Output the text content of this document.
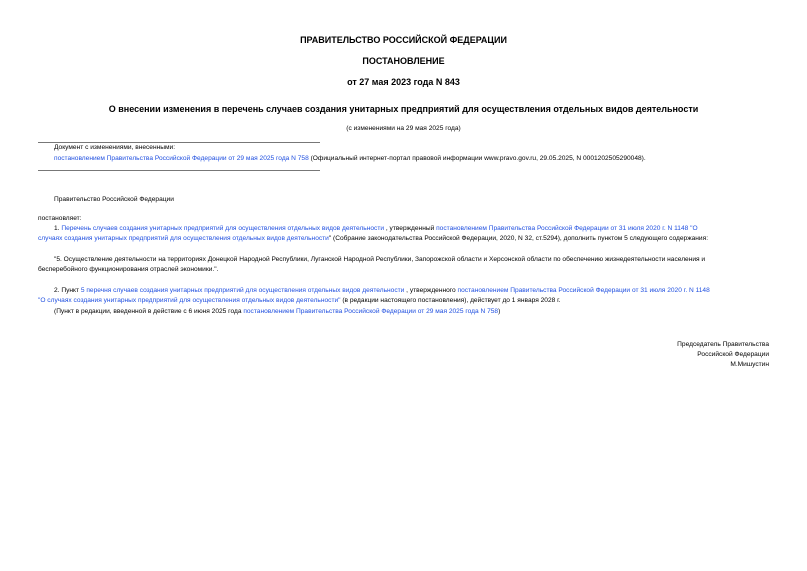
ПРАВИТЕЛЬСТВО РОССИЙСКОЙ ФЕДЕРАЦИИ
ПОСТАНОВЛЕНИЕ
от 27 мая 2023 года N 843
О внесении изменения в перечень случаев создания унитарных предприятий для осуществления отдельных видов деятельности
(с изменениями на 29 мая 2025 года)
Документ с изменениями, внесенными:
постановлением Правительства Российской Федерации от 29 мая 2025 года N 758 (Официальный интернет-портал правовой информации www.pravo.gov.ru, 29.05.2025, N 0001202505290048).
Правительство Российской Федерации
постановляет:
1. Перечень случаев создания унитарных предприятий для осуществления отдельных видов деятельности , утвержденный постановлением Правительства Российской Федерации от 31 июля 2020 г. N 1148 "О
случаях создания унитарных предприятий для осуществления отдельных видов деятельности" (Собрание законодательства Российской Федерации, 2020, N 32, ст.5294), дополнить пунктом 5 следующего содержания:
"5. Осуществление деятельности на территориях Донецкой Народной Республики, Луганской Народной Республики, Запорожской области и Херсонской области по обеспечению жизнедеятельности населения и
бесперебойного функционирования отраслей экономики.".
2. Пункт 5 перечня случаев создания унитарных предприятий для осуществления отдельных видов деятельности , утвержденного постановлением Правительства Российской Федерации от 31 июля 2020 г. N 1148
"О случаях создания унитарных предприятий для осуществления отдельных видов деятельности" (в редакции настоящего постановления), действует до 1 января 2028 г.
(Пункт в редакции, введенной в действие с 6 июня 2025 года постановлением Правительства Российской Федерации от 29 мая 2025 года N 758)
Председатель Правительства
Российской Федерации
М.Мишустин
